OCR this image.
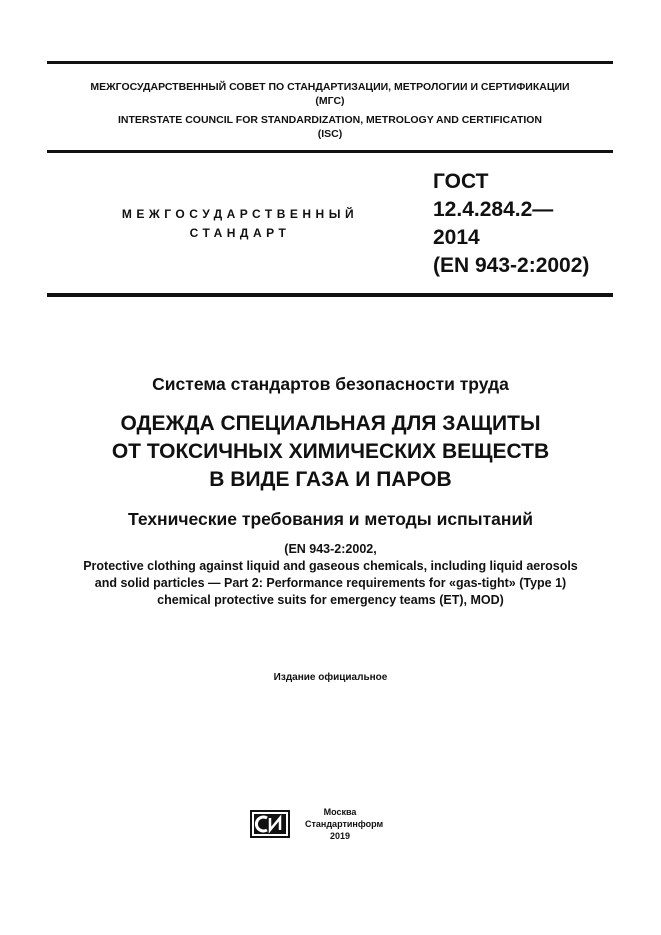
МЕЖГОСУДАРСТВЕННЫЙ СОВЕТ ПО СТАНДАРТИЗАЦИИ, МЕТРОЛОГИИ И СЕРТИФИКАЦИИ
(МГС)
INTERSTATE COUNCIL FOR STANDARDIZATION, METROLOGY AND CERTIFICATION
(ISC)
МЕЖГОСУДАРСТВЕННЫЙ
СТАНДАРТ
ГОСТ
12.4.284.2—
2014
(EN 943-2:2002)
Система стандартов безопасности труда
ОДЕЖДА СПЕЦИАЛЬНАЯ ДЛЯ ЗАЩИТЫ
ОТ ТОКСИЧНЫХ ХИМИЧЕСКИХ ВЕЩЕСТВ
В ВИДЕ ГАЗА И ПАРОВ
Технические требования и методы испытаний
(EN 943-2:2002,
Protective clothing against liquid and gaseous chemicals, including liquid aerosols
and solid particles — Part 2: Performance requirements for «gas-tight» (Type 1)
chemical protective suits for emergency teams (ET), MOD)
Издание официальное
Москва
Стандартинформ
2019
